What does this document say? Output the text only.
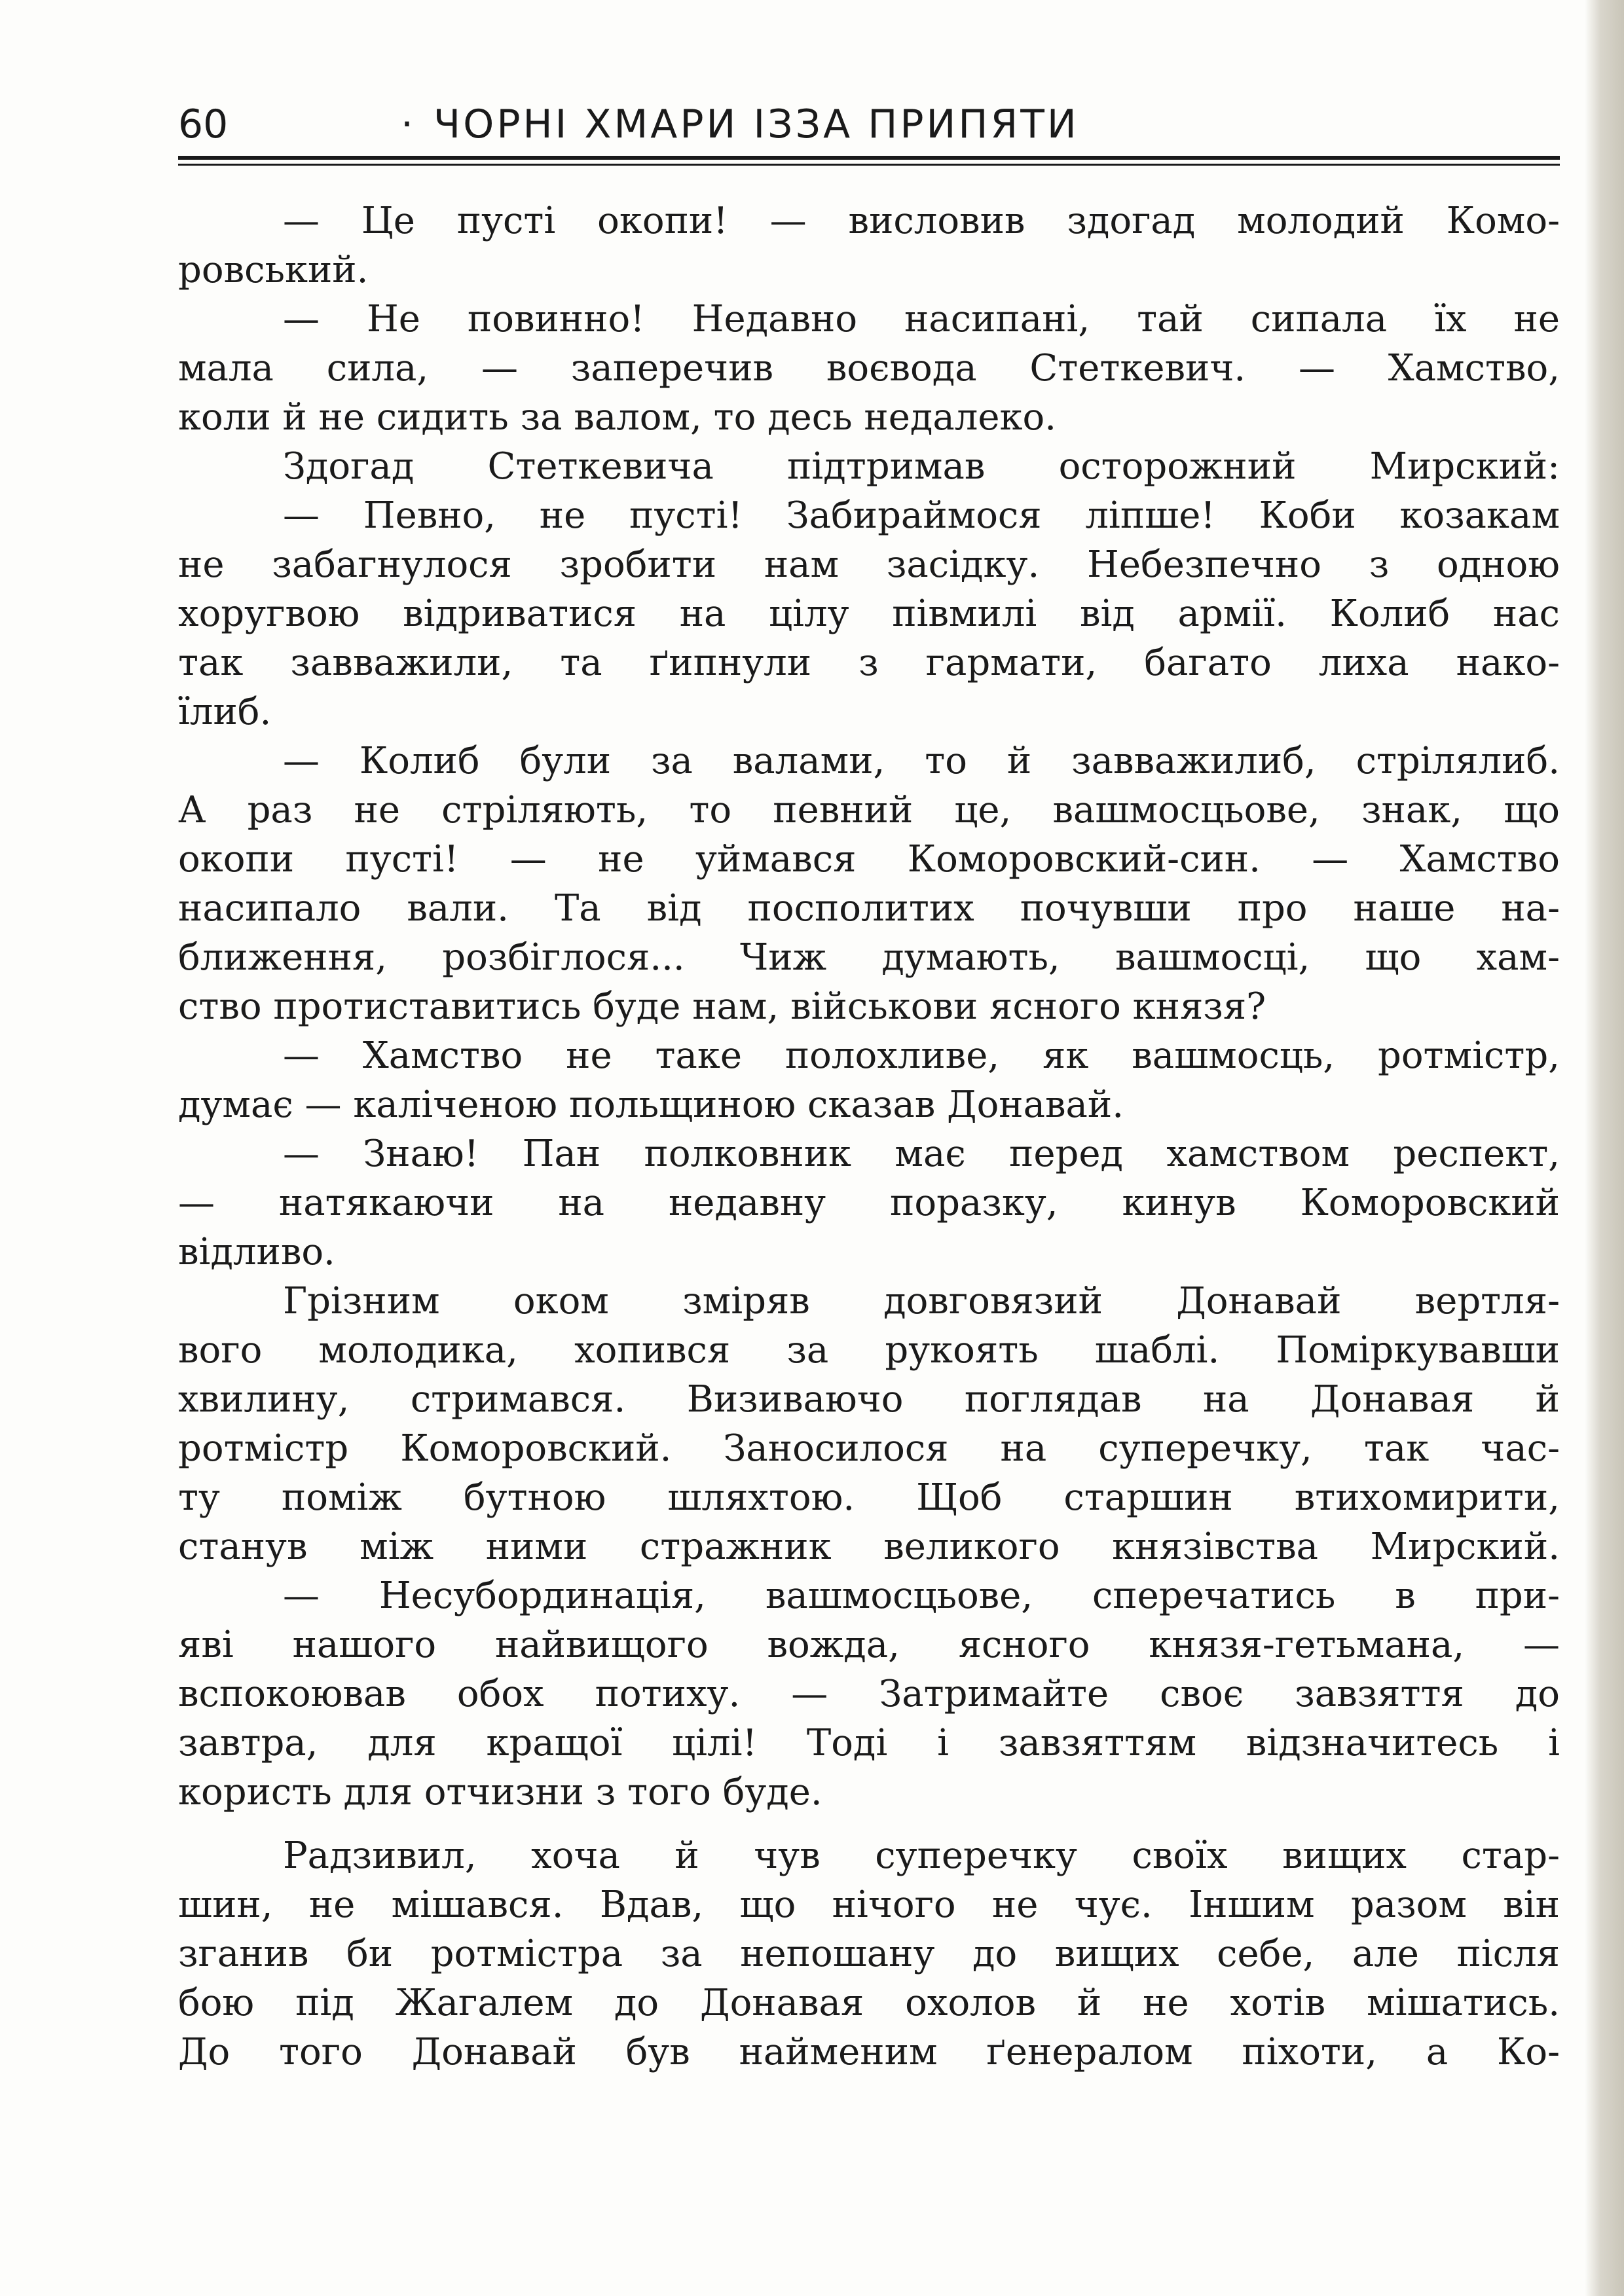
60	· ЧОРНІ ХМАРИ ІЗЗА ПРИПЯТИ
— Це пусті окопи! — висловив здогад молодий Комо-
ровський.
— Не повинно! Недавно насипані, тай сипала їх не
мала сила, — заперечив воєвода Стеткевич. — Хамство,
коли й не сидить за валом, то десь недалеко.
Здогад Стеткевича підтримав осторожний Мирский:
— Певно, не пусті! Забираймося ліпше! Коби козакам
не забагнулося зробити нам засідку. Небезпечно з одною
хоругвою відриватися на цілу півмилі від армії. Колиб нас
так завважили, та ґипнули з гармати, багато лиха нако-
їлиб.
— Колиб були за валами, то й завважилиб, стрілялиб.
А раз не стріляють, то певний це, вашмосцьове, знак, що
окопи пусті! — не уймався Коморовский-син. — Хамство
насипало вали. Та від посполитих почувши про наше на-
ближення, розбіглося... Чиж думають, вашмосці, що хам-
ство протиставитись буде нам, військови ясного князя?
— Хамство не таке полохливе, як вашмосць, ротмістр,
думає — каліченою польщиною сказав Донавай.
— Знаю! Пан полковник має перед хамством респект,
— натякаючи на недавну поразку, кинув Коморовский
відливо.
Грізним оком зміряв довговязий Донавай вертля-
вого молодика, хопився за рукоять шаблі. Поміркувавши
хвилину, стримався. Визиваючо поглядав на Донавая й
ротмістр Коморовский. Заносилося на суперечку, так час-
ту поміж бутною шляхтою. Щоб старшин втихомирити,
станув між ними стражник великого князівства Мирский.
— Несубординація, вашмосцьове, сперечатись в при-
яві нашого найвищого вожда, ясного князя-гетьмана, —
вспокоював обох потиху. — Затримайте своє завзяття до
завтра, для кращої цілі! Тоді і завзяттям відзначитесь і
користь для отчизни з того буде.
Радзивил, хоча й чув суперечку своїх вищих стар-
шин, не мішався. Вдав, що нічого не чує. Іншим разом він
зганив би ротмістра за непошану до вищих себе, але після
бою під Жагалем до Донавая охолов й не хотів мішатись.
До того Донавай був найменим ґенералом піхоти, а Ко-
